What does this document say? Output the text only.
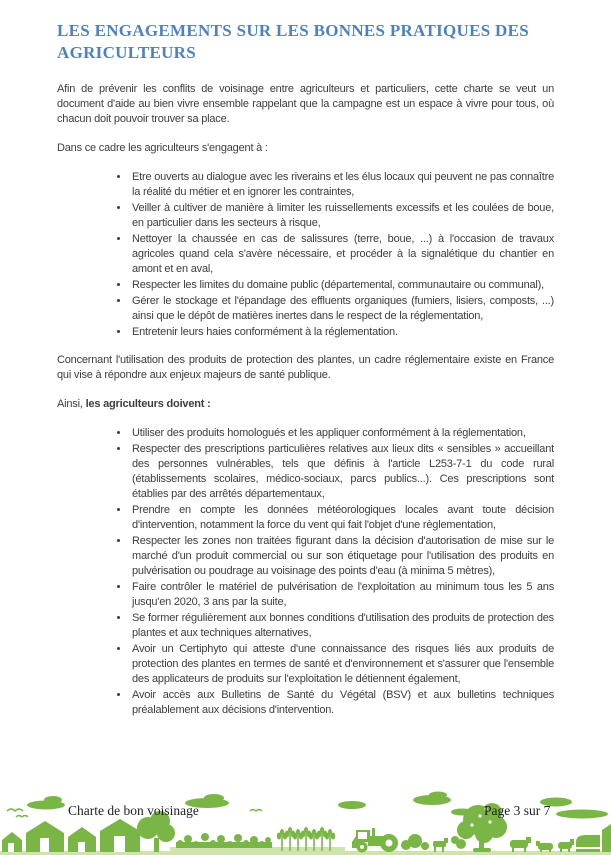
LES ENGAGEMENTS SUR LES BONNES PRATIQUES DES AGRICULTEURS

Afin de prévenir les conflits de voisinage entre agriculteurs et particuliers, cette charte se veut un document d'aide au bien vivre ensemble rappelant que la campagne est un espace à vivre pour tous, où chacun doit pouvoir trouver sa place.

Dans ce cadre les agriculteurs s'engagent à :

• Etre ouverts au dialogue avec les riverains et les élus locaux qui peuvent ne pas connaître la réalité du métier et en ignorer les contraintes,
• Veiller à cultiver de manière à limiter les ruissellements excessifs et les coulées de boue, en particulier dans les secteurs à risque,
• Nettoyer la chaussée en cas de salissures (terre, boue, ...) à l'occasion de travaux agricoles quand cela s'avère nécessaire, et procéder à la signalétique du chantier en amont et en aval,
• Respecter les limites du domaine public (départemental, communautaire ou communal),
• Gérer le stockage et l'épandage des effluents organiques (fumiers, lisiers, composts, ...) ainsi que le dépôt de matières inertes dans le respect de la réglementation,
• Entretenir leurs haies conformément à la réglementation.

Concernant l'utilisation des produits de protection des plantes, un cadre réglementaire existe en France qui vise à répondre aux enjeux majeurs de santé publique.

Ainsi, les agriculteurs doivent :

• Utiliser des produits homologués et les appliquer conformément à la réglementation,
• Respecter des prescriptions particulières relatives aux lieux dits « sensibles » accueillant des personnes vulnérables, tels que définis à l'article L253-7-1 du code rural (établissements scolaires, médico-sociaux, parcs publics...). Ces prescriptions sont établies par des arrêtés départementaux,
• Prendre en compte les données météorologiques locales avant toute décision d'intervention, notamment la force du vent qui fait l'objet d'une règlementation,
• Respecter les zones non traitées figurant dans la décision d'autorisation de mise sur le marché d'un produit commercial ou sur son étiquetage pour l'utilisation des produits en pulvérisation ou poudrage au voisinage des points d'eau (à minima 5 mètres),
• Faire contrôler le matériel de pulvérisation de l'exploitation au minimum tous les 5 ans jusqu'en 2020, 3 ans par la suite,
• Se former régulièrement aux bonnes conditions d'utilisation des produits de protection des plantes et aux techniques alternatives,
• Avoir un Certiphyto qui atteste d'une connaissance des risques liés aux produits de protection des plantes en termes de santé et d'environnement et s'assurer que l'ensemble des applicateurs de produits sur l'exploitation le détiennent également,
• Avoir accès aux Bulletins de Santé du Végétal (BSV) et aux bulletins techniques préalablement aux décisions d'intervention.
Charte de bon voisinage	Page 3 sur 7
